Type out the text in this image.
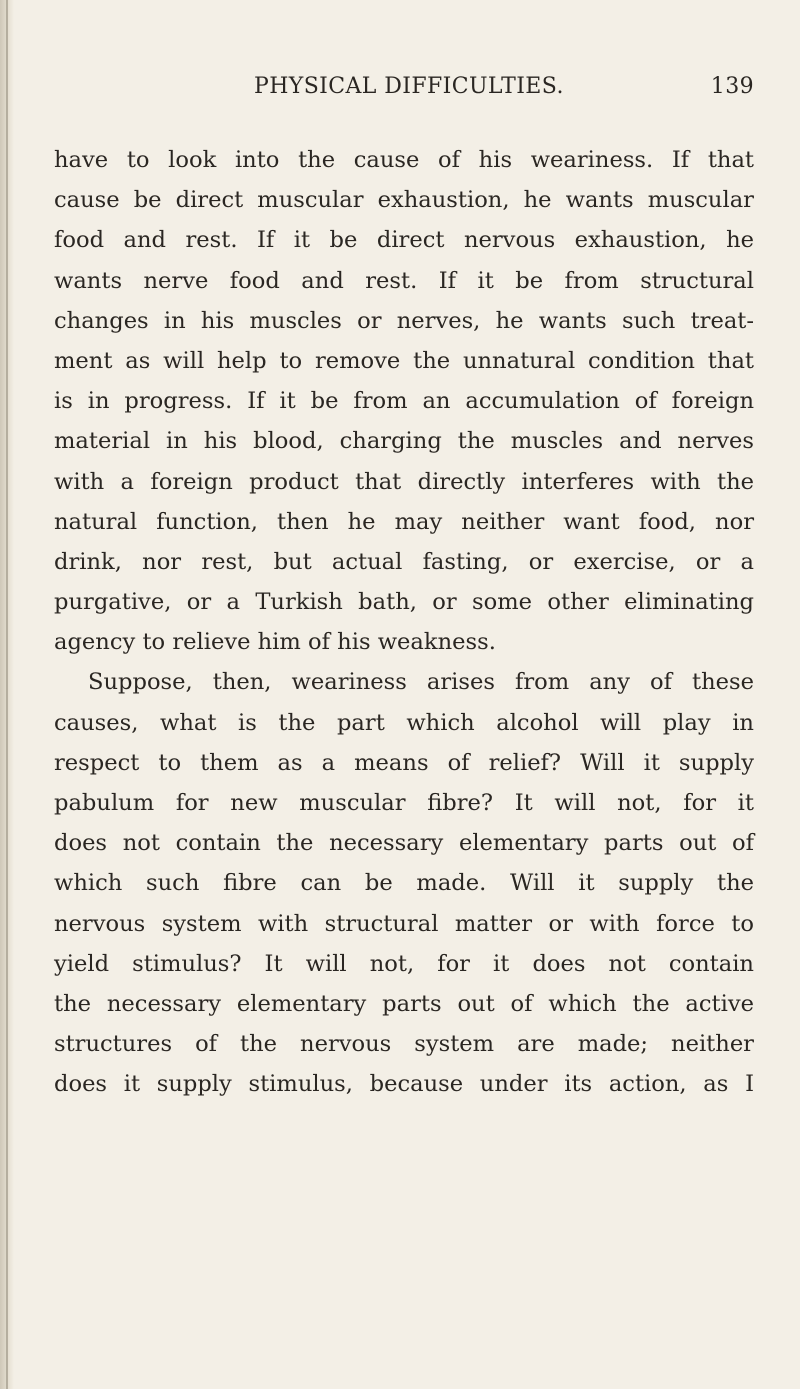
PHYSICAL DIFFICULTIES.	139
have to look into the cause of his weariness. If that
cause be direct muscular exhaustion, he wants muscular
food and rest. If it be direct nervous exhaustion, he
wants nerve food and rest. If it be from structural
changes in his muscles or nerves, he wants such treat-
ment as will help to remove the unnatural condition that
is in progress. If it be from an accumulation of foreign
material in his blood, charging the muscles and nerves
with a foreign product that directly interferes with the
natural function, then he may neither want food, nor
drink, nor rest, but actual fasting, or exercise, or a
purgative, or a Turkish bath, or some other eliminating
agency to relieve him of his weakness.
Suppose, then, weariness arises from any of these
causes, what is the part which alcohol will play in
respect to them as a means of relief? Will it supply
pabulum for new muscular fibre? It will not, for it
does not contain the necessary elementary parts out of
which such fibre can be made. Will it supply the
nervous system with structural matter or with force to
yield stimulus? It will not, for it does not contain
the necessary elementary parts out of which the active
structures of the nervous system are made; neither
does it supply stimulus, because under its action, as I
